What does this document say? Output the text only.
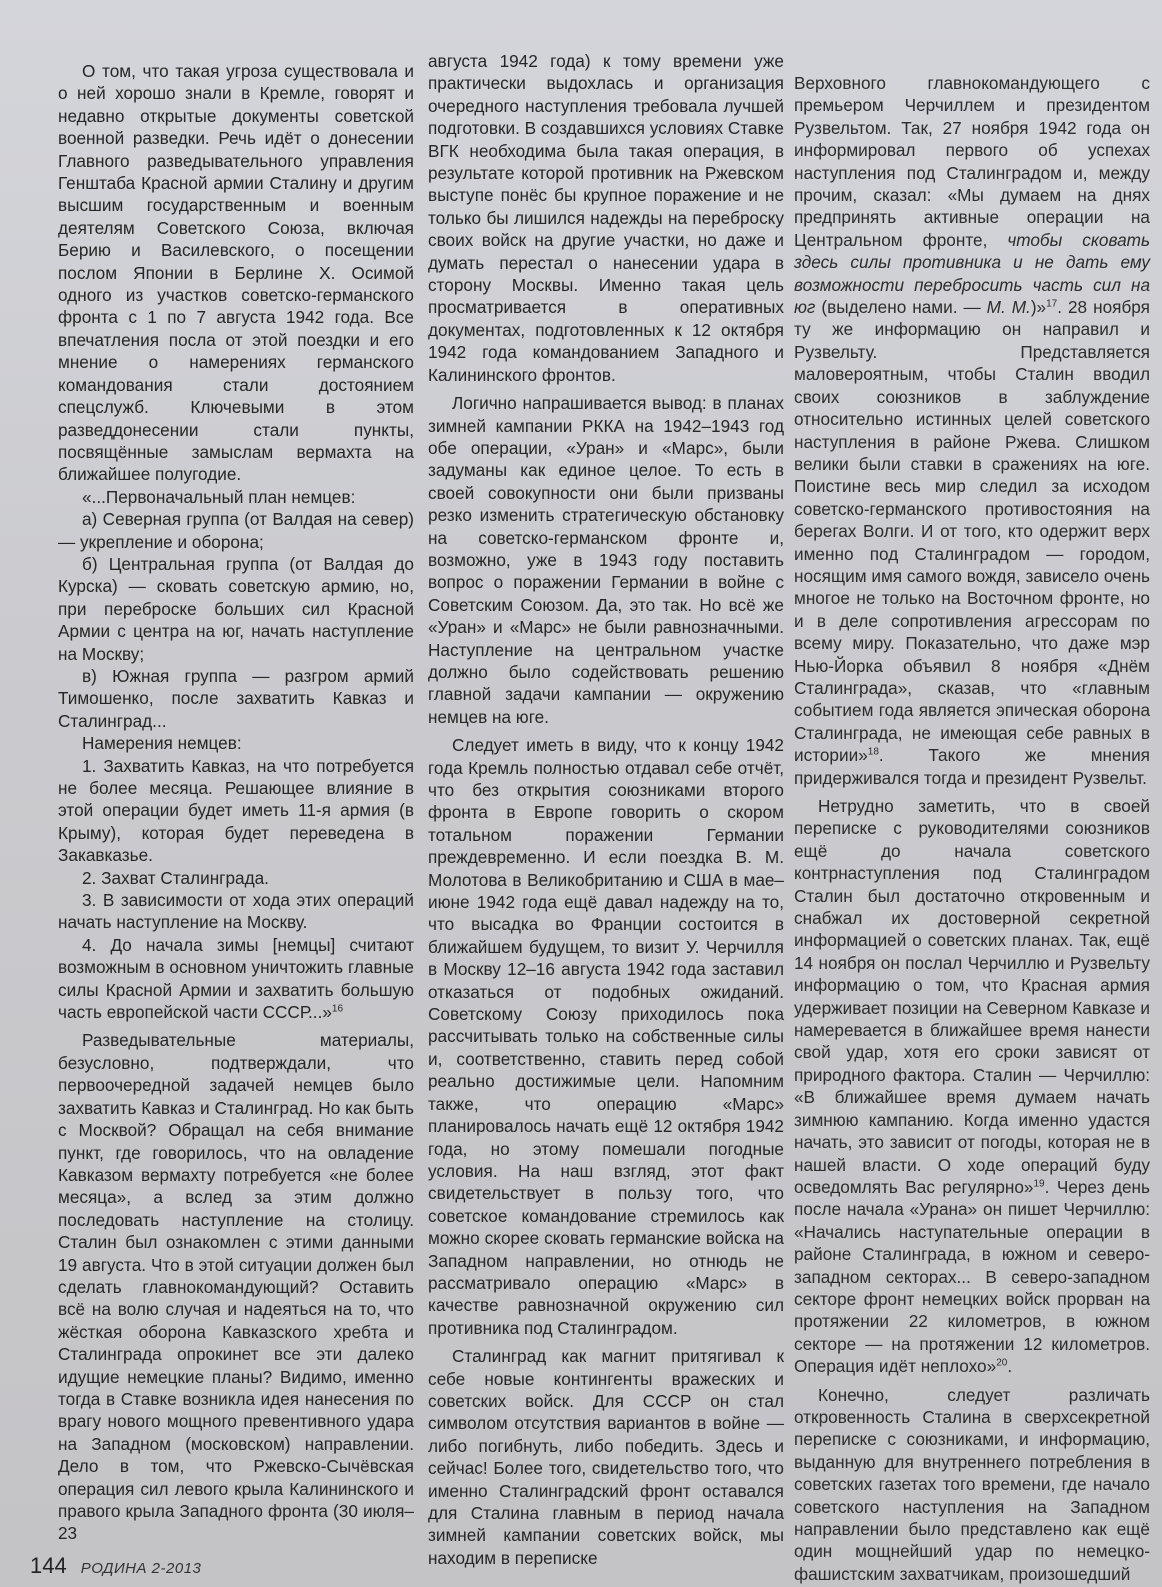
О том, что такая угроза существовала и о ней хорошо знали в Кремле, говорят и недавно открытые документы советской военной разведки. Речь идёт о донесении Главного разведывательного управления Генштаба Красной армии Сталину и другим высшим государственным и военным деятелям Советского Союза, включая Берию и Василевского, о посещении послом Японии в Берлине Х. Осимой одного из участков советско-германского фронта с 1 по 7 августа 1942 года. Все впечатления посла от этой поездки и его мнение о намерениях германского командования стали достоянием спецслужб. Ключевыми в этом разведдонесении стали пункты, посвящённые замыслам вермахта на ближайшее полугодие.

«...Первоначальный план немцев:

а) Северная группа (от Валдая на север) — укрепление и оборона;

б) Центральная группа (от Валдая до Курска) — сковать советскую армию, но, при переброске больших сил Красной Армии с центра на юг, начать наступление на Москву;

в) Южная группа — разгром армий Тимошенко, после захватить Кавказ и Сталинград...

Намерения немцев:

1. Захватить Кавказ, на что потребуется не более месяца. Решающее влияние в этой операции будет иметь 11-я армия (в Крыму), которая будет переведена в Закавказье.

2. Захват Сталинграда.

3. В зависимости от хода этих операций начать наступление на Москву.

4. До начала зимы [немцы] считают возможным в основном уничтожить главные силы Красной Армии и захватить большую часть европейской части СССР...»$^{16}$

Разведывательные материалы, безусловно, подтверждали, что первоочередной задачей немцев было захватить Кавказ и Сталинград. Но как быть с Москвой? Обращал на себя внимание пункт, где говорилось, что на овладение Кавказом вермахту потребуется «не более месяца», а вслед за этим должно последовать наступление на столицу. Сталин был ознакомлен с этими данными 19 августа. Что в этой ситуации должен был сделать главнокомандующий? Оставить всё на волю случая и надеяться на то, что жёсткая оборона Кавказского хребта и Сталинграда опрокинет все эти далеко идущие немецкие планы? Видимо, именно тогда в Ставке возникла идея нанесения по врагу нового мощного превентивного удара на Западном (московском) направлении. Дело в том, что Ржевско-Сычёвская операция сил левого крыла Калининского и правого крыла Западного фронта (30 июля–23

августа 1942 года) к тому времени уже практически выдохлась и организация очередного наступления требовала лучшей подготовки. В создавшихся условиях Ставке ВГК необходима была такая операция, в результате которой противник на Ржевском выступе понёс бы крупное поражение и не только бы лишился надежды на переброску своих войск на другие участки, но даже и думать перестал о нанесении удара в сторону Москвы. Именно такая цель просматривается в оперативных документах, подготовленных к 12 октября 1942 года командованием Западного и Калининского фронтов.

Логично напрашивается вывод: в планах зимней кампании РККА на 1942–1943 год обе операции, «Уран» и «Марс», были задуманы как единое целое. То есть в своей совокупности они были призваны резко изменить стратегическую обстановку на советско-германском фронте и, возможно, уже в 1943 году поставить вопрос о поражении Германии в войне с Советским Союзом. Да, это так. Но всё же «Уран» и «Марс» не были равнозначными. Наступление на центральном участке должно было содействовать решению главной задачи кампании — окружению немцев на юге.

Следует иметь в виду, что к концу 1942 года Кремль полностью отдавал себе отчёт, что без открытия союзниками второго фронта в Европе говорить о скором тотальном поражении Германии преждевременно. И если поездка В. М. Молотова в Великобританию и США в мае–июне 1942 года ещё давал надежду на то, что высадка во Франции состоится в ближайшем будущем, то визит У. Черчилля в Москву 12–16 августа 1942 года заставил отказаться от подобных ожиданий. Советскому Союзу приходилось пока рассчитывать только на собственные силы и, соответственно, ставить перед собой реально достижимые цели. Напомним также, что операцию «Марс» планировалось начать ещё 12 октября 1942 года, но этому помешали погодные условия. На наш взгляд, этот факт свидетельствует в пользу того, что советское командование стремилось как можно скорее сковать германские войска на Западном направлении, но отнюдь не рассматривало операцию «Марс» в качестве равнозначной окружению сил противника под Сталинградом.

Сталинград как магнит притягивал к себе новые контингенты вражеских и советских войск. Для СССР он стал символом отсутствия вариантов в войне — либо погибнуть, либо победить. Здесь и сейчас! Более того, свидетельство того, что именно Сталинградский фронт оставался для Сталина главным в период начала зимней кампании советских войск, мы находим в переписке

Верховного главнокомандующего с премьером Черчиллем и президентом Рузвельтом. Так, 27 ноября 1942 года он информировал первого об успехах наступления под Сталинградом и, между прочим, сказал: «Мы думаем на днях предпринять активные операции на Центральном фронте, чтобы сковать здесь силы противника и не дать ему возможности перебросить часть сил на юг (выделено нами. — М. М.)»$^{17}$. 28 ноября ту же информацию он направил и Рузвельту. Представляется маловероятным, чтобы Сталин вводил своих союзников в заблуждение относительно истинных целей советского наступления в районе Ржева. Слишком велики были ставки в сражениях на юге. Поистине весь мир следил за исходом советско-германского противостояния на берегах Волги. И от того, кто одержит верх именно под Сталинградом — городом, носящим имя самого вождя, зависело очень многое не только на Восточном фронте, но и в деле сопротивления агрессорам по всему миру. Показательно, что даже мэр Нью-Йорка объявил 8 ноября «Днём Сталинграда», сказав, что «главным событием года является эпическая оборона Сталинграда, не имеющая себе равных в истории»$^{18}$. Такого же мнения придерживался тогда и президент Рузвельт.

Нетрудно заметить, что в своей переписке с руководителями союзников ещё до начала советского контрнаступления под Сталинградом Сталин был достаточно откровенным и снабжал их достоверной секретной информацией о советских планах. Так, ещё 14 ноября он послал Черчиллю и Рузвельту информацию о том, что Красная армия удерживает позиции на Северном Кавказе и намеревается в ближайшее время нанести свой удар, хотя его сроки зависят от природного фактора. Сталин — Черчиллю: «В ближайшее время думаем начать зимнюю кампанию. Когда именно удастся начать, это зависит от погоды, которая не в нашей власти. О ходе операций буду осведомлять Вас регулярно»$^{19}$. Через день после начала «Урана» он пишет Черчиллю: «Начались наступательные операции в районе Сталинграда, в южном и северо-западном секторах... В северо-западном секторе фронт немецких войск прорван на протяжении 22 километров, в южном секторе — на протяжении 12 километров. Операция идёт неплохо»$^{20}$.

Конечно, следует различать откровенность Сталина в сверхсекретной переписке с союзниками, и информацию, выданную для внутреннего потребления в советских газетах того времени, где начало советского наступления на Западном направлении было представлено как ещё один мощнейший удар по немецко-фашистским захватчикам, произошедший

144 РОДИНА 2-2013
